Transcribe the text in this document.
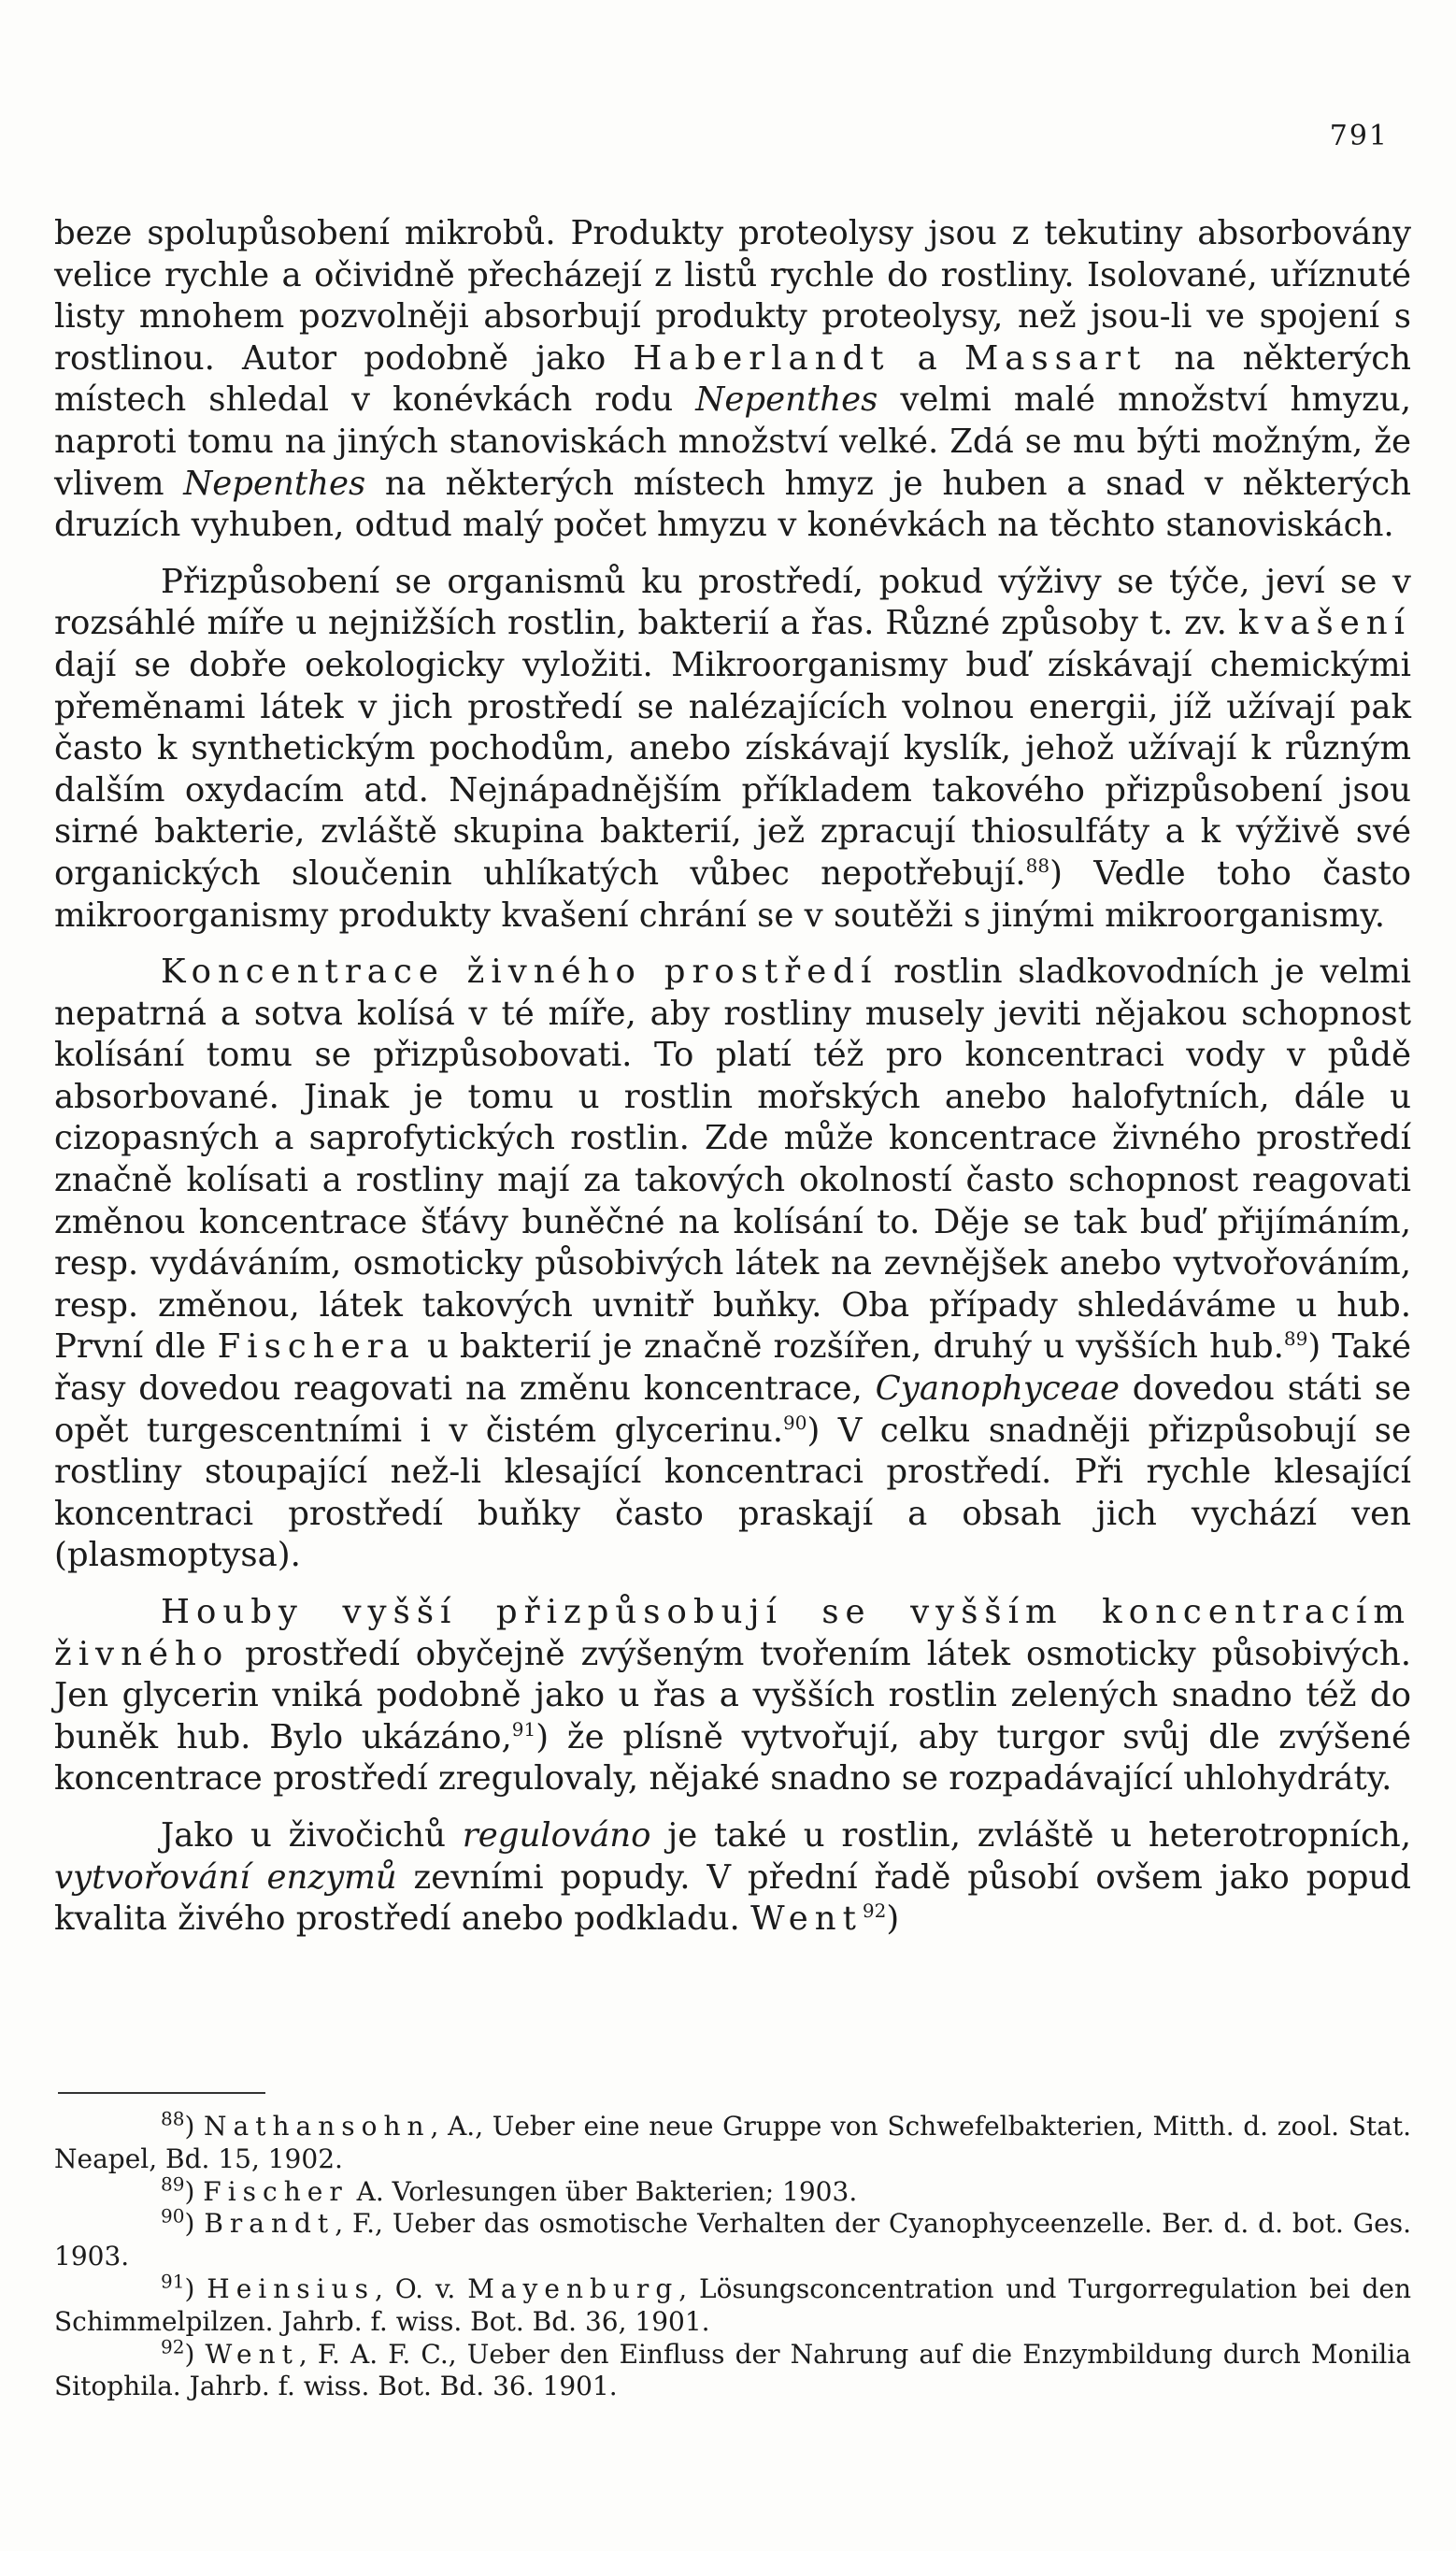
791

beze spolupůsobení mikrobů. Produkty proteolysy jsou z tekutiny absorbovány velice rychle a očividně přecházejí z listů rychle do rostliny. Isolované, uříznuté listy mnohem pozvolněji absorbují produkty proteolysy, než jsou-li ve spojení s rostlinou. Autor podobně jako Haberlandt a Massart na některých místech shledal v konévkách rodu Nepenthes velmi malé množství hmyzu, naproti tomu na jiných stanoviskách množství velké. Zdá se mu býti možným, že vlivem Nepenthes na některých místech hmyz je huben a snad v některých druzích vyhuben, odtud malý počet hmyzu v konévkách na těchto stanoviskách.

Přizpůsobení se organismů ku prostředí, pokud výživy se týče, jeví se v rozsáhlé míře u nejnižších rostlin, bakterií a řas. Různé způsoby t. zv. kvašení dají se dobře oekologicky vyložiti. Mikroorganismy buď získávají chemickými přeměnami látek v jich prostředí se nalézajících volnou energii, jíž užívají pak často k synthetickým pochodům, anebo získávají kyslík, jehož užívají k různým dalším oxydacím atd. Nejnápadnějším příkladem takového přizpůsobení jsou sirné bakterie, zvláště skupina bakterií, jež zpracují thiosulfáty a k výživě své organických sloučenin uhlíkatých vůbec nepotřebují.$^{88}$) Vedle toho často mikroorganismy produkty kvašení chrání se v soutěži s jinými mikroorganismy.

Koncentrace živného prostředí rostlin sladkovodních je velmi nepatrná a sotva kolísá v té míře, aby rostliny musely jeviti nějakou schopnost kolísání tomu se přizpůsobovati. To platí též pro koncentraci vody v půdě absorbované. Jinak je tomu u rostlin mořských anebo halofytních, dále u cizopasných a saprofytických rostlin. Zde může koncentrace živného prostředí značně kolísati a rostliny mají za takových okolností často schopnost reagovati změnou koncentrace šťávy buněčné na kolísání to. Děje se tak buď přijímáním, resp. vydáváním, osmoticky působivých látek na zevnějšek anebo vytvořováním, resp. změnou, látek takových uvnitř buňky. Oba případy shledáváme u hub. První dle Fischera u bakterií je značně rozšířen, druhý u vyšších hub.$^{89}$) Také řasy dovedou reagovati na změnu koncentrace, Cyanophyceae dovedou státi se opět turgescentními i v čistém glycerinu.$^{90}$) V celku snadněji přizpůsobují se rostliny stoupající než-li klesající koncentraci prostředí. Při rychle klesající koncentraci prostředí buňky často praskají a obsah jich vychází ven (plasmoptysa).

Houby vyšší přizpůsobují se vyšším koncentracím živného prostředí obyčejně zvýšeným tvořením látek osmoticky působivých. Jen glycerin vniká podobně jako u řas a vyšších rostlin zelených snadno též do buněk hub. Bylo ukázáno,$^{91}$) že plísně vytvořují, aby turgor svůj dle zvýšené koncentrace prostředí zregulovaly, nějaké snadno se rozpadávající uhlohydráty.

Jako u živočichů regulováno je také u rostlin, zvláště u heterotropních, vytvořování enzymů zevními popudy. V přední řadě působí ovšem jako popud kvalita živého prostředí anebo podkladu. Went$^{92}$)

$^{88}$) Nathansohn, A., Ueber eine neue Gruppe von Schwefelbakterien, Mitth. d. zool. Stat. Neapel, Bd. 15, 1902.

$^{89}$) Fischer A. Vorlesungen über Bakterien; 1903.

$^{90}$) Brandt, F., Ueber das osmotische Verhalten der Cyanophyceenzelle. Ber. d. d. bot. Ges. 1903.

$^{91}$) Heinsius, O. v. Mayenburg, Lösungsconcentration und Turgorregulation bei den Schimmelpilzen. Jahrb. f. wiss. Bot. Bd. 36, 1901.

$^{92}$) Went, F. A. F. C., Ueber den Einfluss der Nahrung auf die Enzymbildung durch Monilia Sitophila. Jahrb. f. wiss. Bot. Bd. 36. 1901.
